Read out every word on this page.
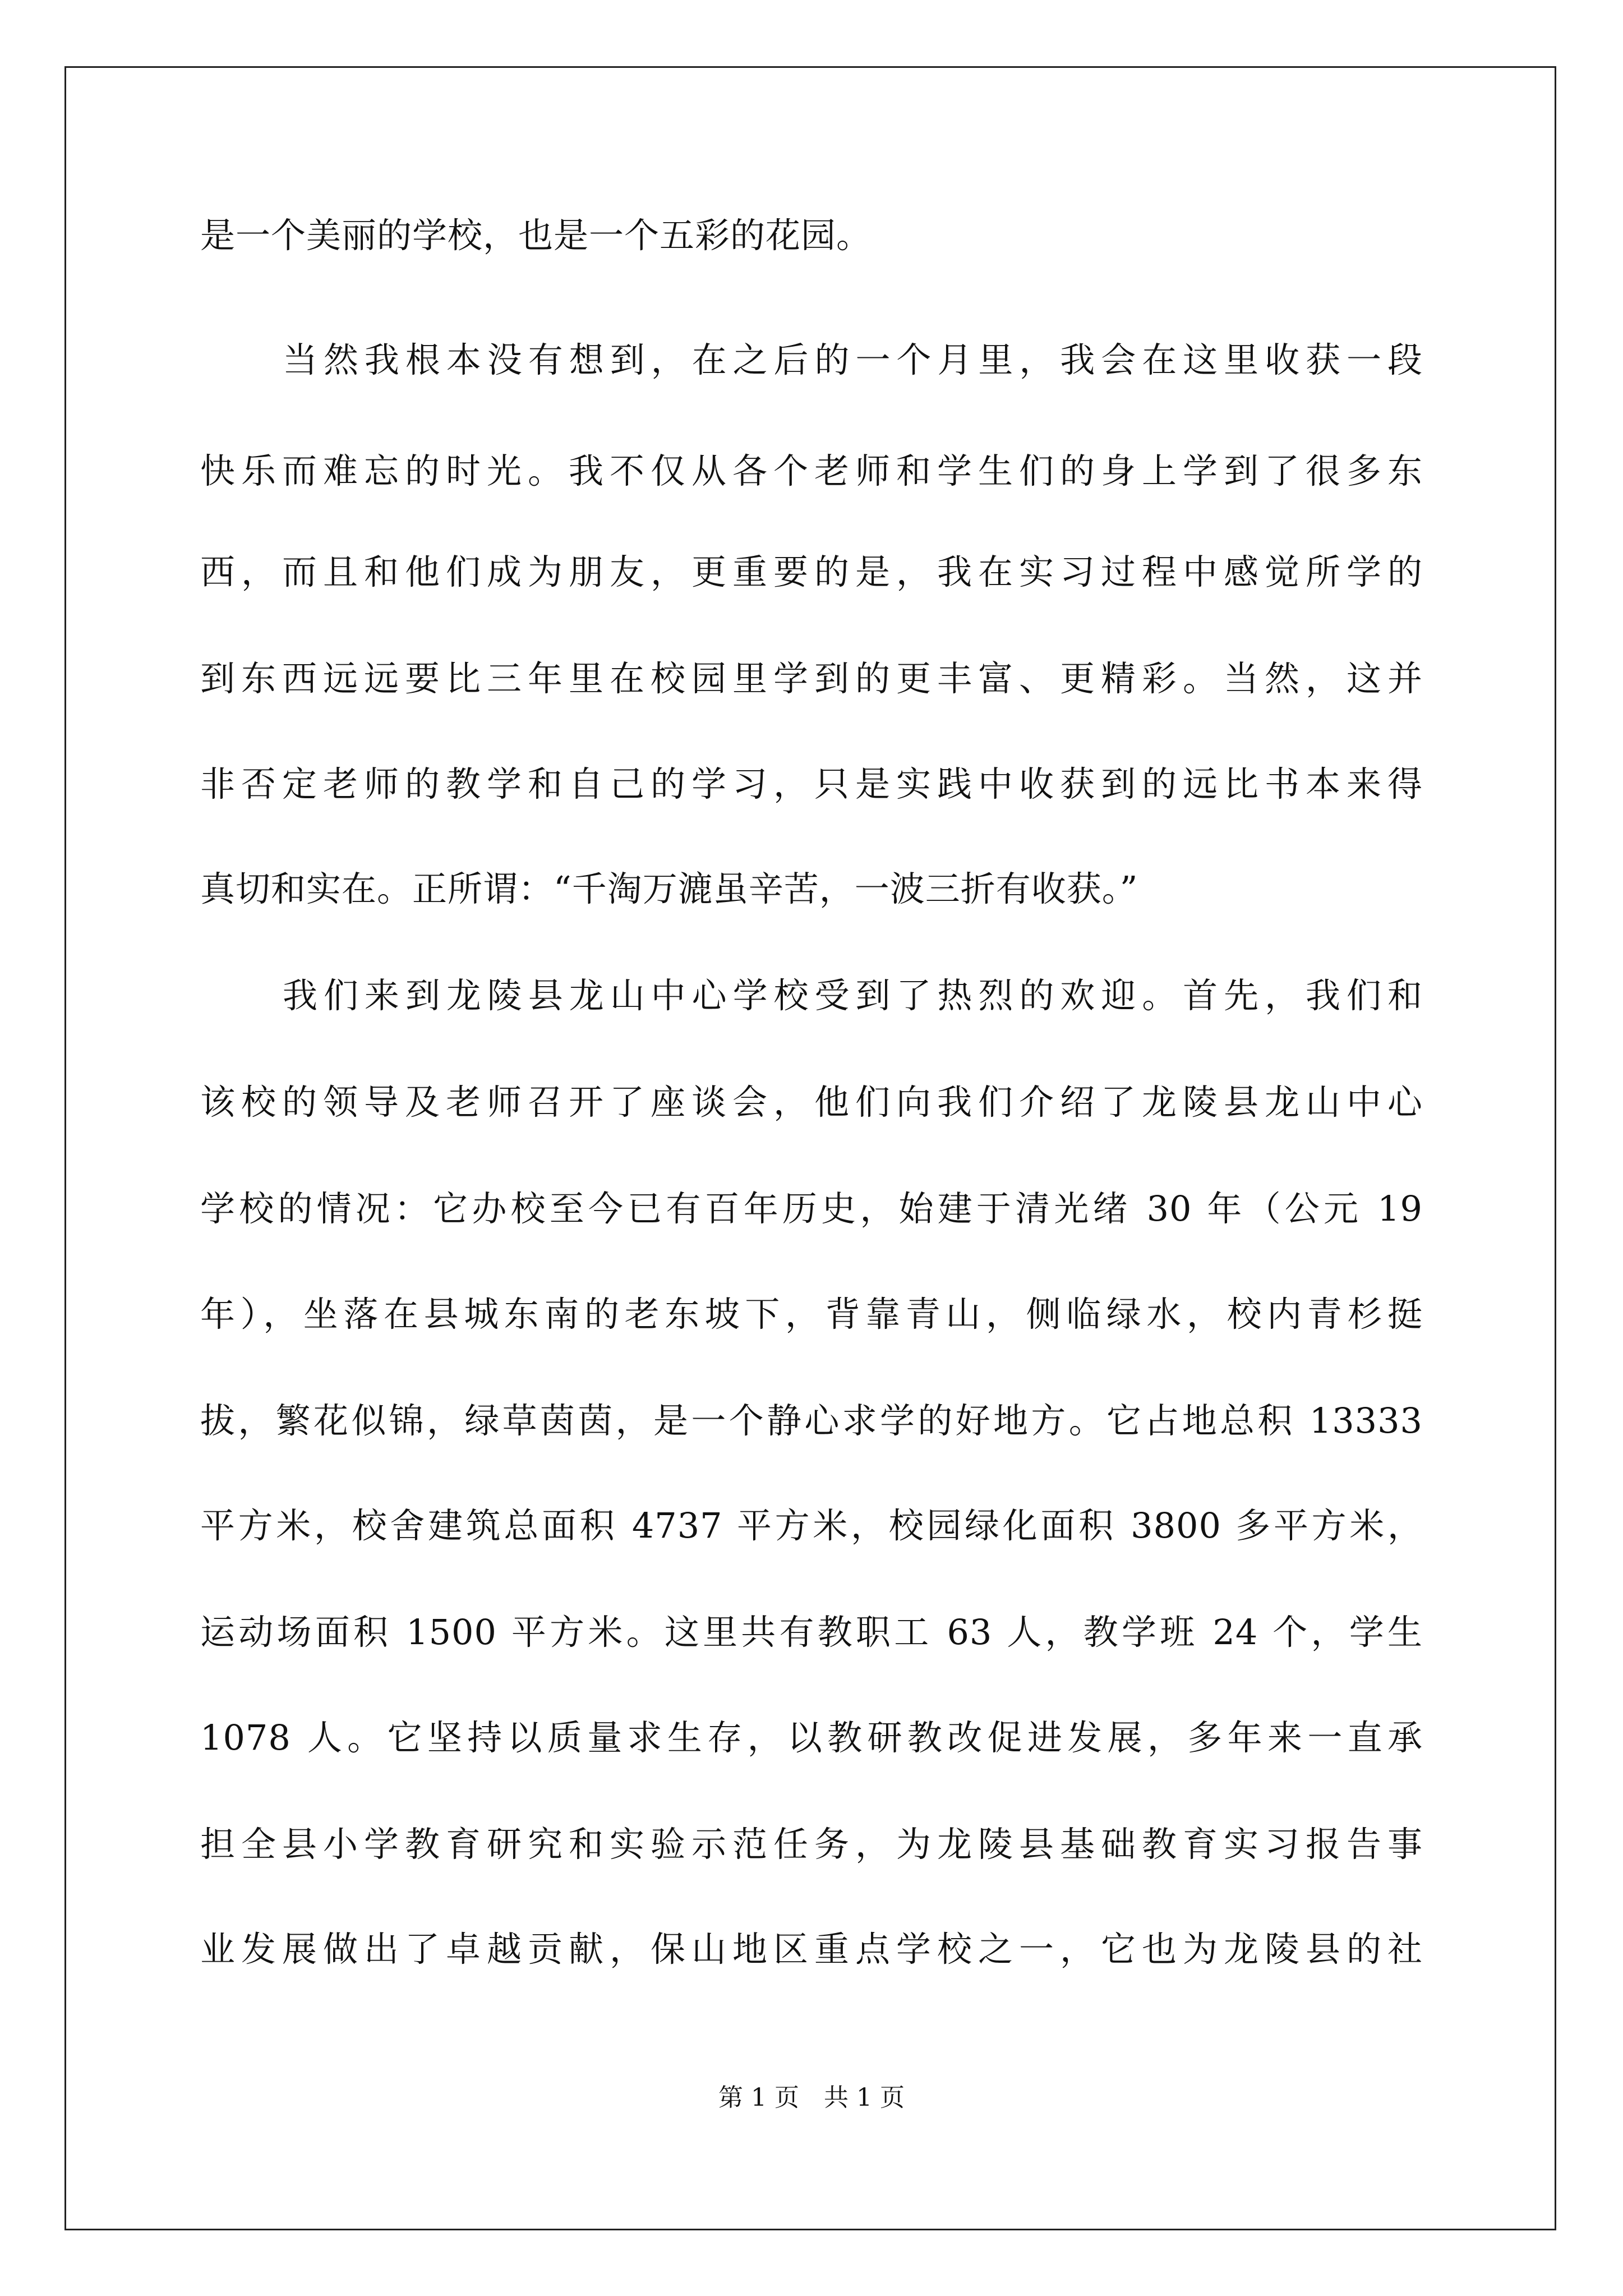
是一个美丽的学校，也是一个五彩的花园。
当然我根本没有想到，在之后的一个月里，我会在这里收获一段
快乐而难忘的时光。我不仅从各个老师和学生们的身上学到了很多东
西，而且和他们成为朋友，更重要的是，我在实习过程中感觉所学的
到东西远远要比三年里在校园里学到的更丰富、更精彩。当然，这并
非否定老师的教学和自己的学习，只是实践中收获到的远比书本来得
真切和实在。正所谓：“千淘万漉虽辛苦，一波三折有收获。”
我们来到龙陵县龙山中心学校受到了热烈的欢迎。首先，我们和
该校的领导及老师召开了座谈会，他们向我们介绍了龙陵县龙山中心
学校的情况：它办校至今已有百年历史，始建于清光绪 30 年（公元 19
年），坐落在县城东南的老东坡下，背靠青山，侧临绿水，校内青杉挺
拔，繁花似锦，绿草茵茵，是一个静心求学的好地方。它占地总积 13333
平方米，校舍建筑总面积 4737 平方米，校园绿化面积 3800 多平方米，
运动场面积 1500 平方米。这里共有教职工 63 人，教学班 24 个，学生
1078 人。它坚持以质量求生存，以教研教改促进发展，多年来一直承
担全县小学教育研究和实验示范任务，为龙陵县基础教育实习报告事
业发展做出了卓越贡献，保山地区重点学校之一，它也为龙陵县的社
第 1 页　共 1 页
